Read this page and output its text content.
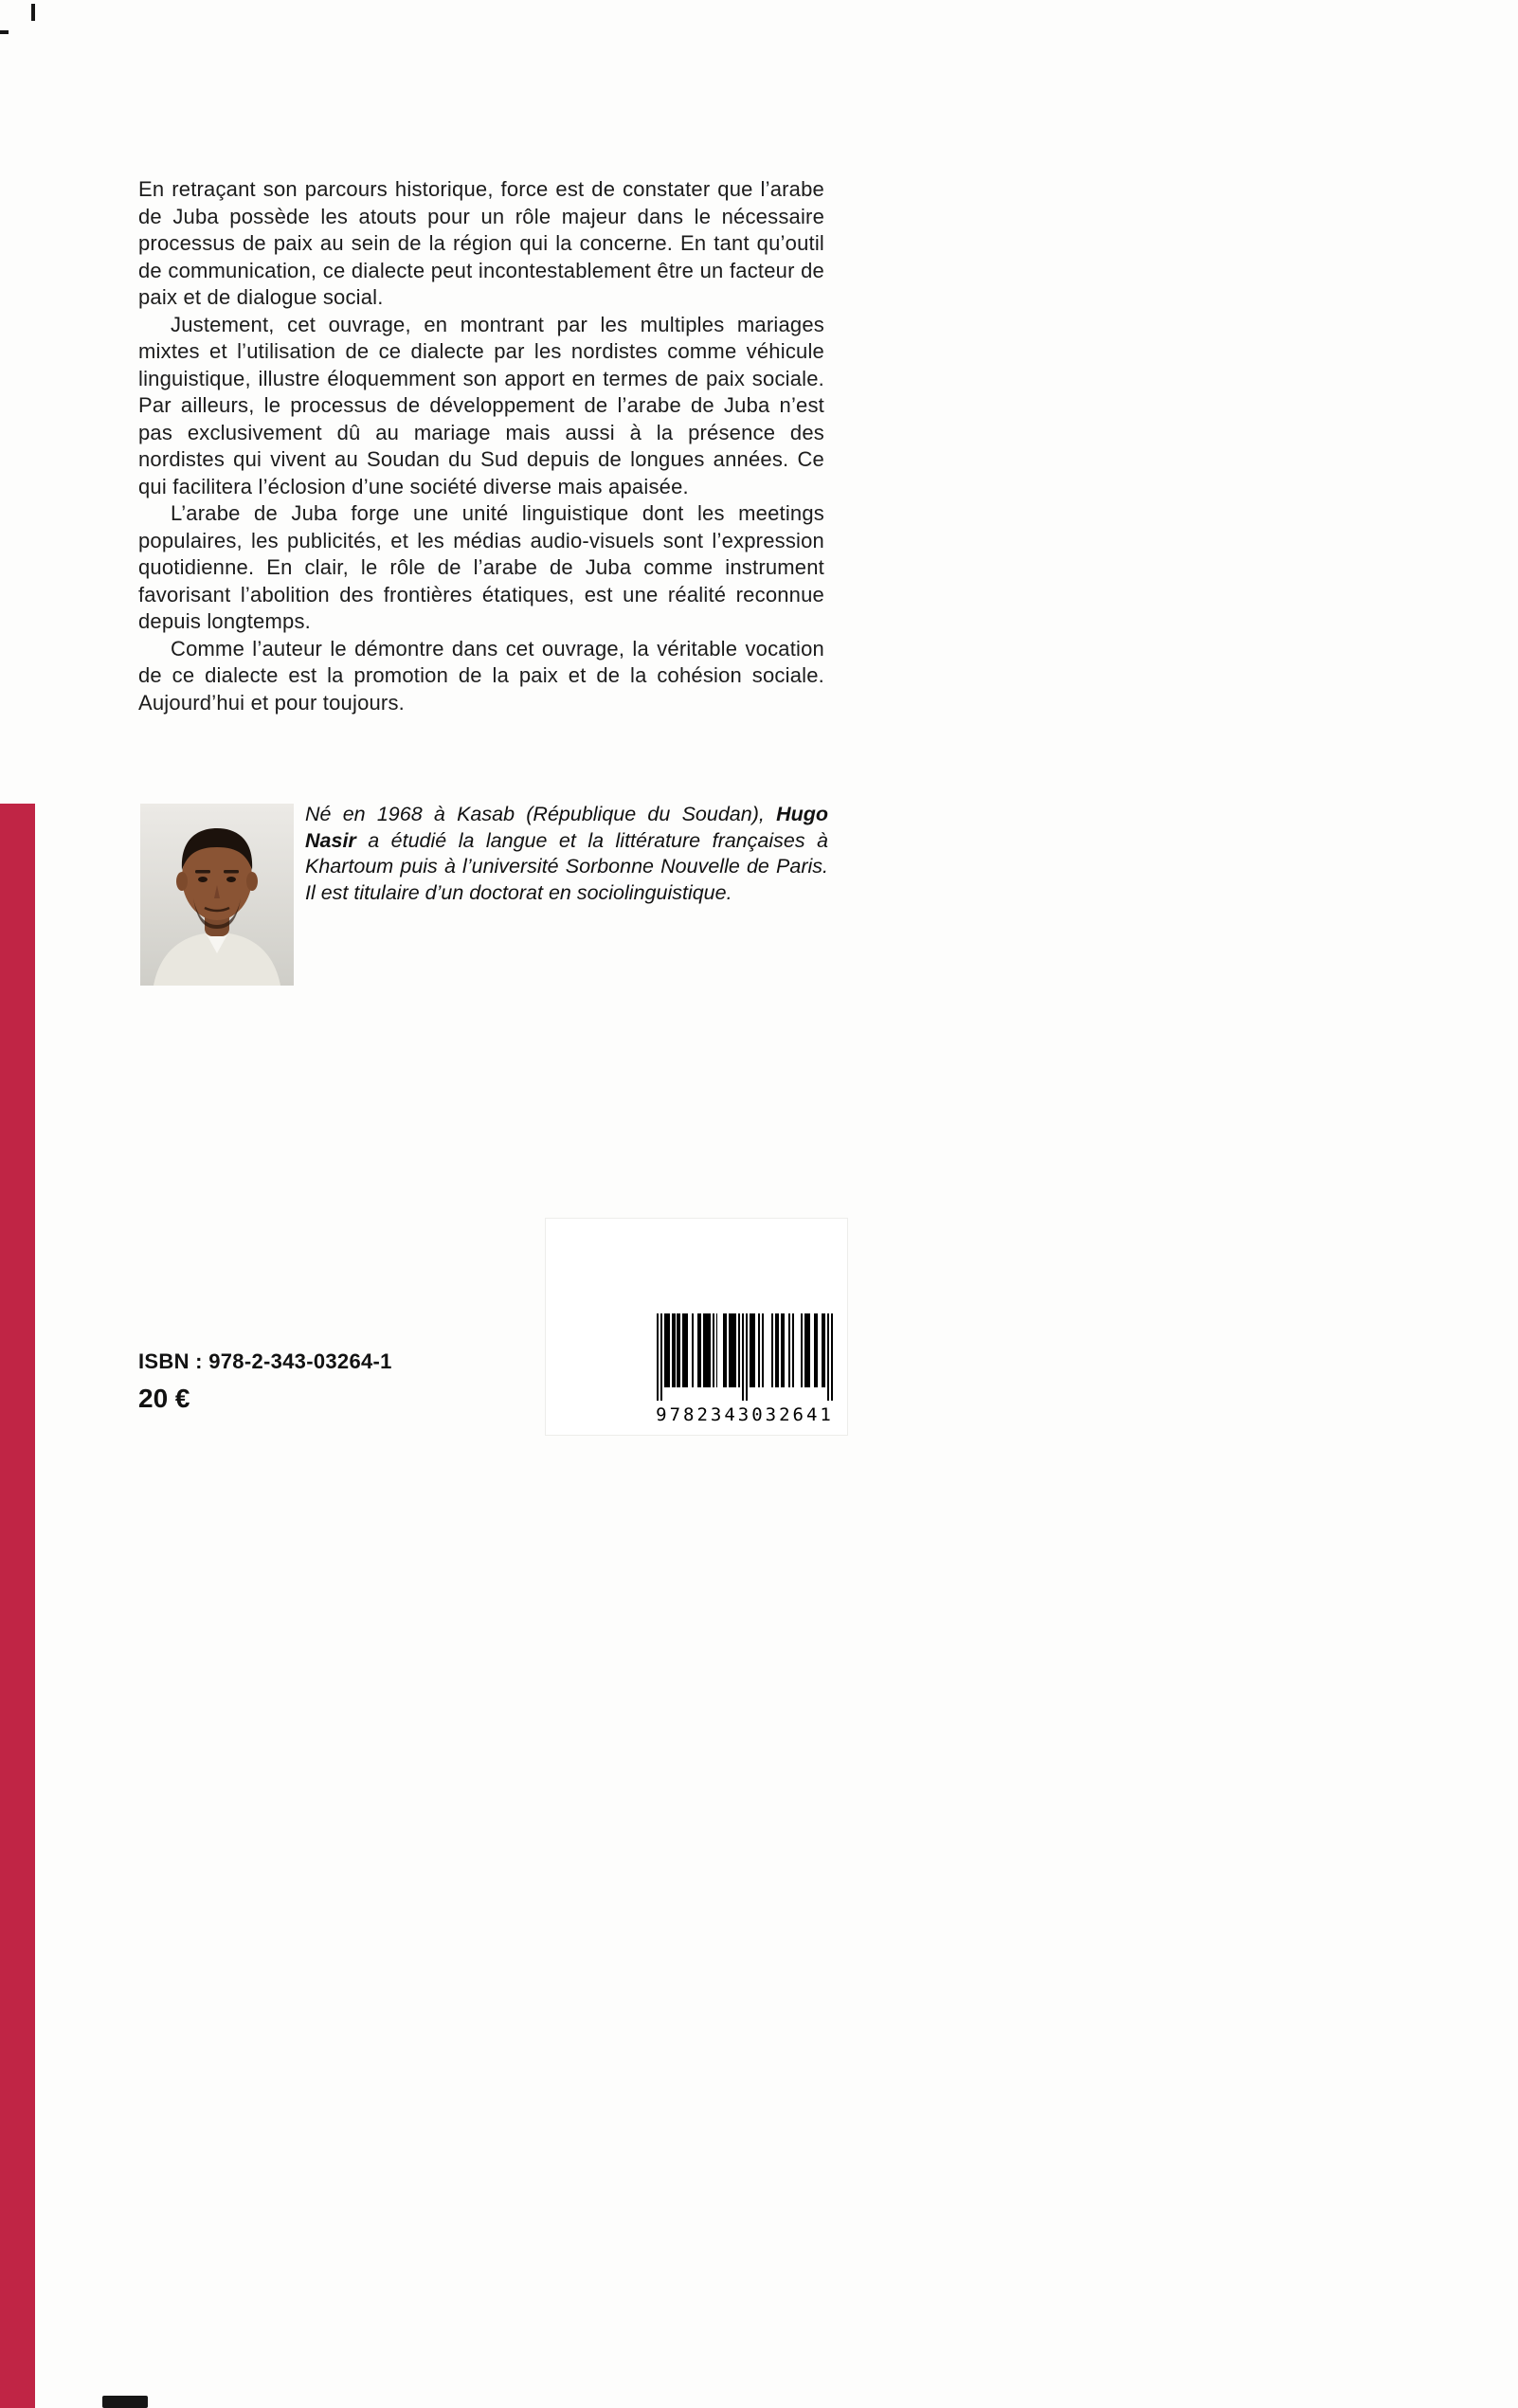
En retraçant son parcours historique, force est de constater que l’arabe de Juba possède les atouts pour un rôle majeur dans le nécessaire processus de paix au sein de la région qui la concerne. En tant qu’outil de communication, ce dialecte peut incontestablement être un facteur de paix et de dialogue social.

Justement, cet ouvrage, en montrant par les multiples mariages mixtes et l’utilisation de ce dialecte par les nordistes comme véhicule linguistique, illustre éloquemment son apport en termes de paix sociale. Par ailleurs, le processus de développement de l’arabe de Juba n’est pas exclusivement dû au mariage mais aussi à la présence des nordistes qui vivent au Soudan du Sud depuis de longues années. Ce qui facilitera l’éclosion d’une société diverse mais apaisée.

L’arabe de Juba forge une unité linguistique dont les meetings populaires, les publicités, et les médias audio-visuels sont l’expression quotidienne. En clair, le rôle de l’arabe de Juba comme instrument favorisant l’abolition des frontières étatiques, est une réalité reconnue depuis longtemps.

Comme l’auteur le démontre dans cet ouvrage, la véritable vocation de ce dialecte est la promotion de la paix et de la cohésion sociale. Aujourd’hui et pour toujours.

Né en 1968 à Kasab (République du Soudan), Hugo Nasir a étudié la langue et la littérature françaises à Khartoum puis à l’université Sorbonne Nouvelle de Paris. Il est titulaire d’un doctorat en sociolinguistique.
ISBN : 978-2-343-03264-1
20 €
9782343032641
